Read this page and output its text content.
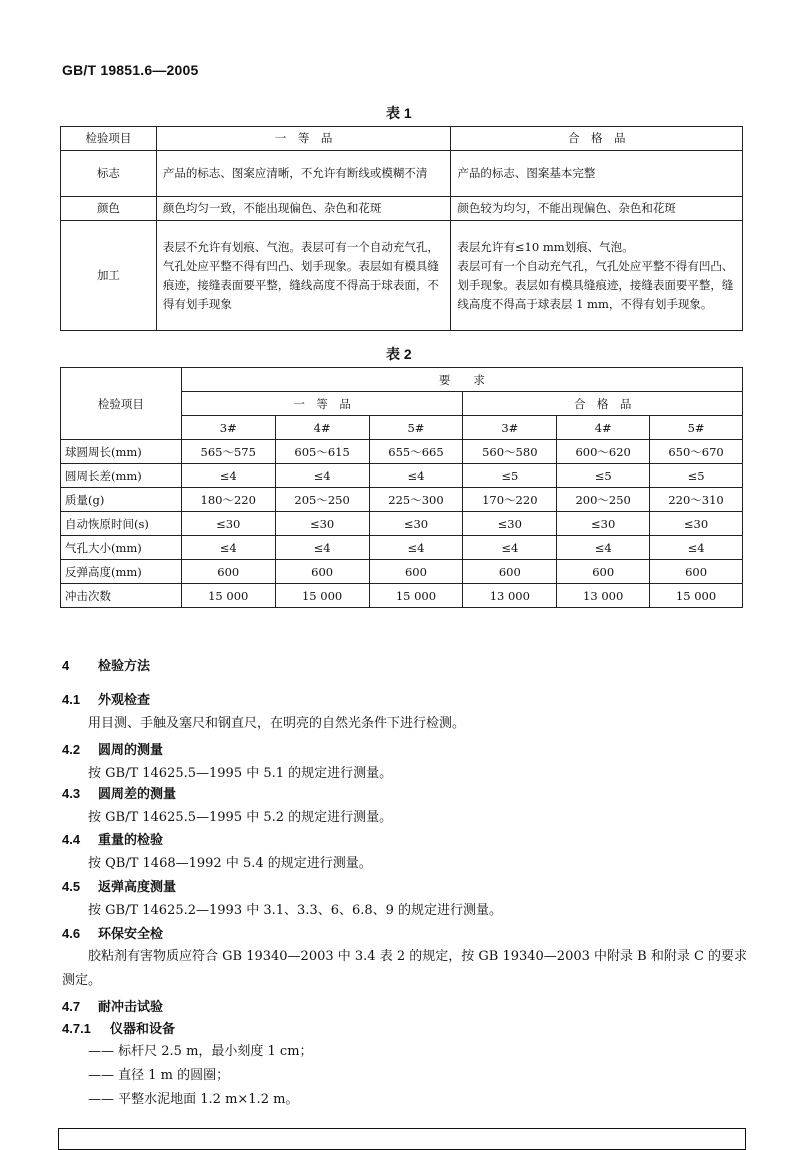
GB/T 19851.6—2005
表 1
检验项目	一　等　品	合　格　品
标志	产品的标志、图案应清晰，不允许有断线或模糊不清	产品的标志、图案基本完整
颜色	颜色均匀一致，不能出现偏色、杂色和花斑	颜色较为均匀，不能出现偏色、杂色和花斑
加工	表层不允许有划痕、气泡。表层可有一个自动充气孔，气孔处应平整不得有凹凸、划手现象。表层如有模具缝痕迹，接缝表面要平整，缝线高度不得高于球表面，不得有划手现象	表层允许有≤10 mm划痕、气泡。
表层可有一个自动充气孔，气孔处应平整不得有凹凸、划手现象。表层如有模具缝痕迹，接缝表面要平整，缝线高度不得高于球表层 1 mm，不得有划手现象。
表 2
检验项目	要　　求					
	一　等　品			合　格　品		
	3#	4#	5#	3#	4#	5#
球圆周长(mm)	565～575	605～615	655～665	560～580	600～620	650～670
圆周长差(mm)	≤4	≤4	≤4	≤5	≤5	≤5
质量(g)	180～220	205～250	225～300	170～220	200～250	220～310
自动恢原时间(s)	≤30	≤30	≤30	≤30	≤30	≤30
气孔大小(mm)	≤4	≤4	≤4	≤4	≤4	≤4
反弹高度(mm)	600	600	600	600	600	600
冲击次数	15 000	15 000	15 000	13 000	13 000	15 000
4 检验方法
4.1 外观检查
用目测、手触及塞尺和钢直尺，在明亮的自然光条件下进行检测。
4.2 圆周的测量
按 GB/T 14625.5—1995 中 5.1 的规定进行测量。
4.3 圆周差的测量
按 GB/T 14625.5—1995 中 5.2 的规定进行测量。
4.4 重量的检验
按 QB/T 1468—1992 中 5.4 的规定进行测量。
4.5 返弹高度测量
按 GB/T 14625.2—1993 中 3.1、3.3、6、6.8、9 的规定进行测量。
4.6 环保安全检
胶粘剂有害物质应符合 GB 19340—2003 中 3.4 表 2 的规定，按 GB 19340—2003 中附录 B 和附录 C 的要求测定。
4.7 耐冲击试验
4.7.1 仪器和设备
—— 标杆尺 2.5 m，最小刻度 1 cm；
—— 直径 1 m 的圆圈；
—— 平整水泥地面 1.2 m×1.2 m。
